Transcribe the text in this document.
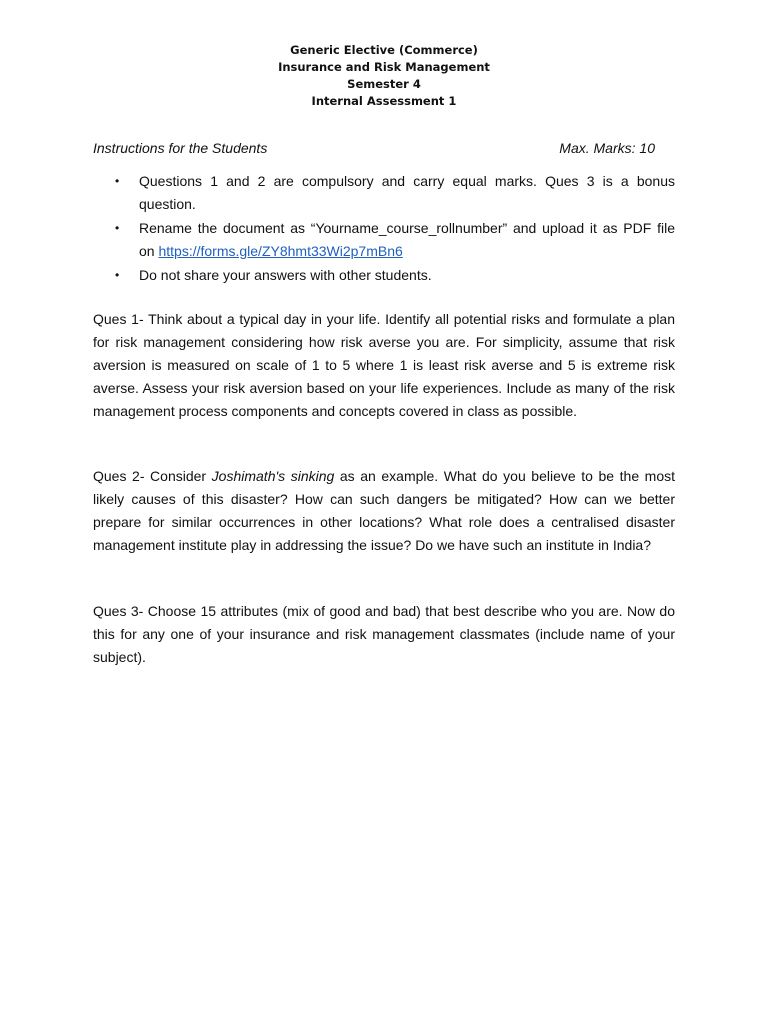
Generic Elective (Commerce)
Insurance and Risk Management
Semester 4
Internal Assessment 1
Instructions for the Students	Max. Marks: 10
• Questions 1 and 2 are compulsory and carry equal marks. Ques 3 is a bonus question.
• Rename the document as “Yourname_course_rollnumber” and upload it as PDF file on https://forms.gle/ZY8hmt33Wi2p7mBn6
• Do not share your answers with other students.

Ques 1- Think about a typical day in your life. Identify all potential risks and formulate a plan for risk management considering how risk averse you are. For simplicity, assume that risk aversion is measured on scale of 1 to 5 where 1 is least risk averse and 5 is extreme risk averse. Assess your risk aversion based on your life experiences. Include as many of the risk management process components and concepts covered in class as possible.

Ques 2- Consider Joshimath's sinking as an example. What do you believe to be the most likely causes of this disaster? How can such dangers be mitigated? How can we better prepare for similar occurrences in other locations? What role does a centralised disaster management institute play in addressing the issue? Do we have such an institute in India?

Ques 3- Choose 15 attributes (mix of good and bad) that best describe who you are. Now do this for any one of your insurance and risk management classmates (include name of your subject).
